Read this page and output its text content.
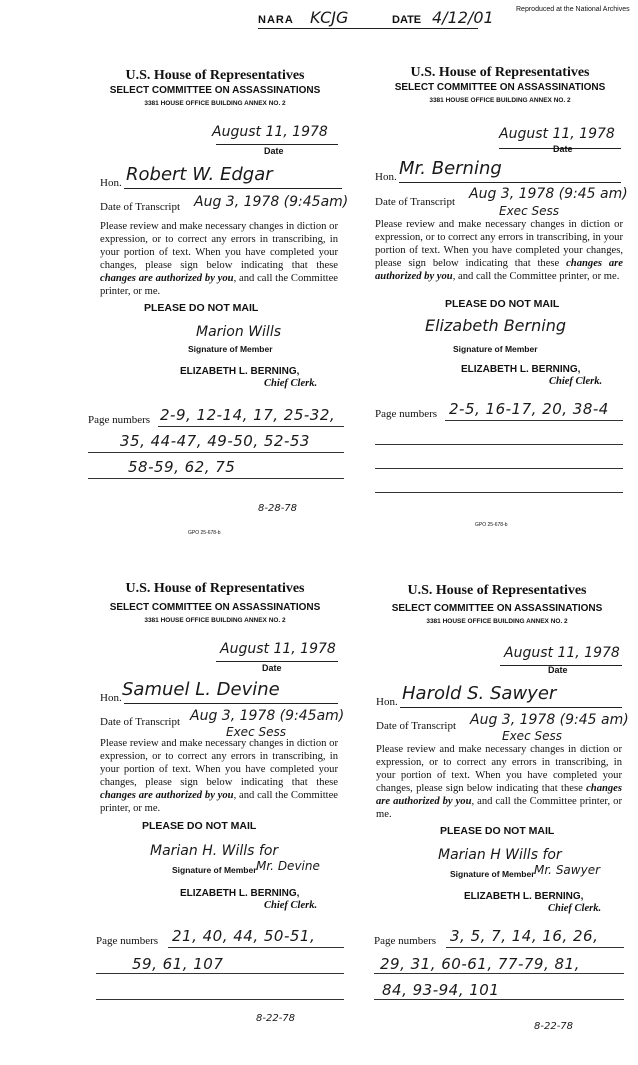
NARA KCJG	DATE 4/12/01	Reproduced at the National Archives
U.S. House of Representatives
SELECT COMMITTEE ON ASSASSINATIONS
3381 HOUSE OFFICE BUILDING ANNEX NO. 2
August 11, 1978
Date
Hon. Robert W. Edgar
Date of Transcript Aug 3, 1978 (9:45am)
Please review and make necessary changes in diction or expression, or to correct any errors in transcribing, in your portion of text. When you have completed your changes, please sign below indicating that these changes are authorized by you, and call the Committee printer, or me.
PLEASE DO NOT MAIL
Marion Wills
Signature of Member
ELIZABETH L. BERNING,
Chief Clerk.
Page numbers 2-9, 12-14, 17, 25-32,
35, 44-47, 49-50, 52-53
58-59, 62, 75
8-28-78
GPO 25-678-b
U.S. House of Representatives
SELECT COMMITTEE ON ASSASSINATIONS
3381 HOUSE OFFICE BUILDING ANNEX NO. 2
August 11, 1978
Date
Hon. Mr. Berning
Date of Transcript Aug 3, 1978 (9:45 am)
Exec Sess
Please review and make necessary changes in diction or expression, or to correct any errors in transcribing, in your portion of text. When you have completed your changes, please sign below indicating that these changes are authorized by you, and call the Committee printer, or me.
PLEASE DO NOT MAIL
Elizabeth Berning
Signature of Member
ELIZABETH L. BERNING,
Chief Clerk.
Page numbers 2-5, 16-17, 20, 38-4
GPO 25-678-b
U.S. House of Representatives
SELECT COMMITTEE ON ASSASSINATIONS
3381 HOUSE OFFICE BUILDING ANNEX NO. 2
August 11, 1978
Date
Hon. Samuel L. Devine
Date of Transcript Aug 3, 1978 (9:45am)
Exec Sess
Please review and make necessary changes in diction or expression, or to correct any errors in transcribing, in your portion of text. When you have completed your changes, please sign below indicating that these changes are authorized by you, and call the Committee printer, or me.
PLEASE DO NOT MAIL
Marian H. Wills for
Signature of Member Mr. Devine
ELIZABETH L. BERNING,
Chief Clerk.
Page numbers 21, 40, 44, 50-51,
59, 61, 107
8-22-78
U.S. House of Representatives
SELECT COMMITTEE ON ASSASSINATIONS
3381 HOUSE OFFICE BUILDING ANNEX NO. 2
August 11, 1978
Date
Hon. Harold S. Sawyer
Date of Transcript Aug 3, 1978 (9:45 am)
Exec Sess
Please review and make necessary changes in diction or expression, or to correct any errors in transcribing, in your portion of text. When you have completed your changes, please sign below indicating that these changes are authorized by you, and call the Committee printer, or me.
PLEASE DO NOT MAIL
Marian H Wills for
Signature of Member Mr. Sawyer
ELIZABETH L. BERNING,
Chief Clerk.
Page numbers 3, 5, 7, 14, 16, 26,
29, 31, 60-61, 77-79, 81,
84, 93-94, 101
8-22-78
